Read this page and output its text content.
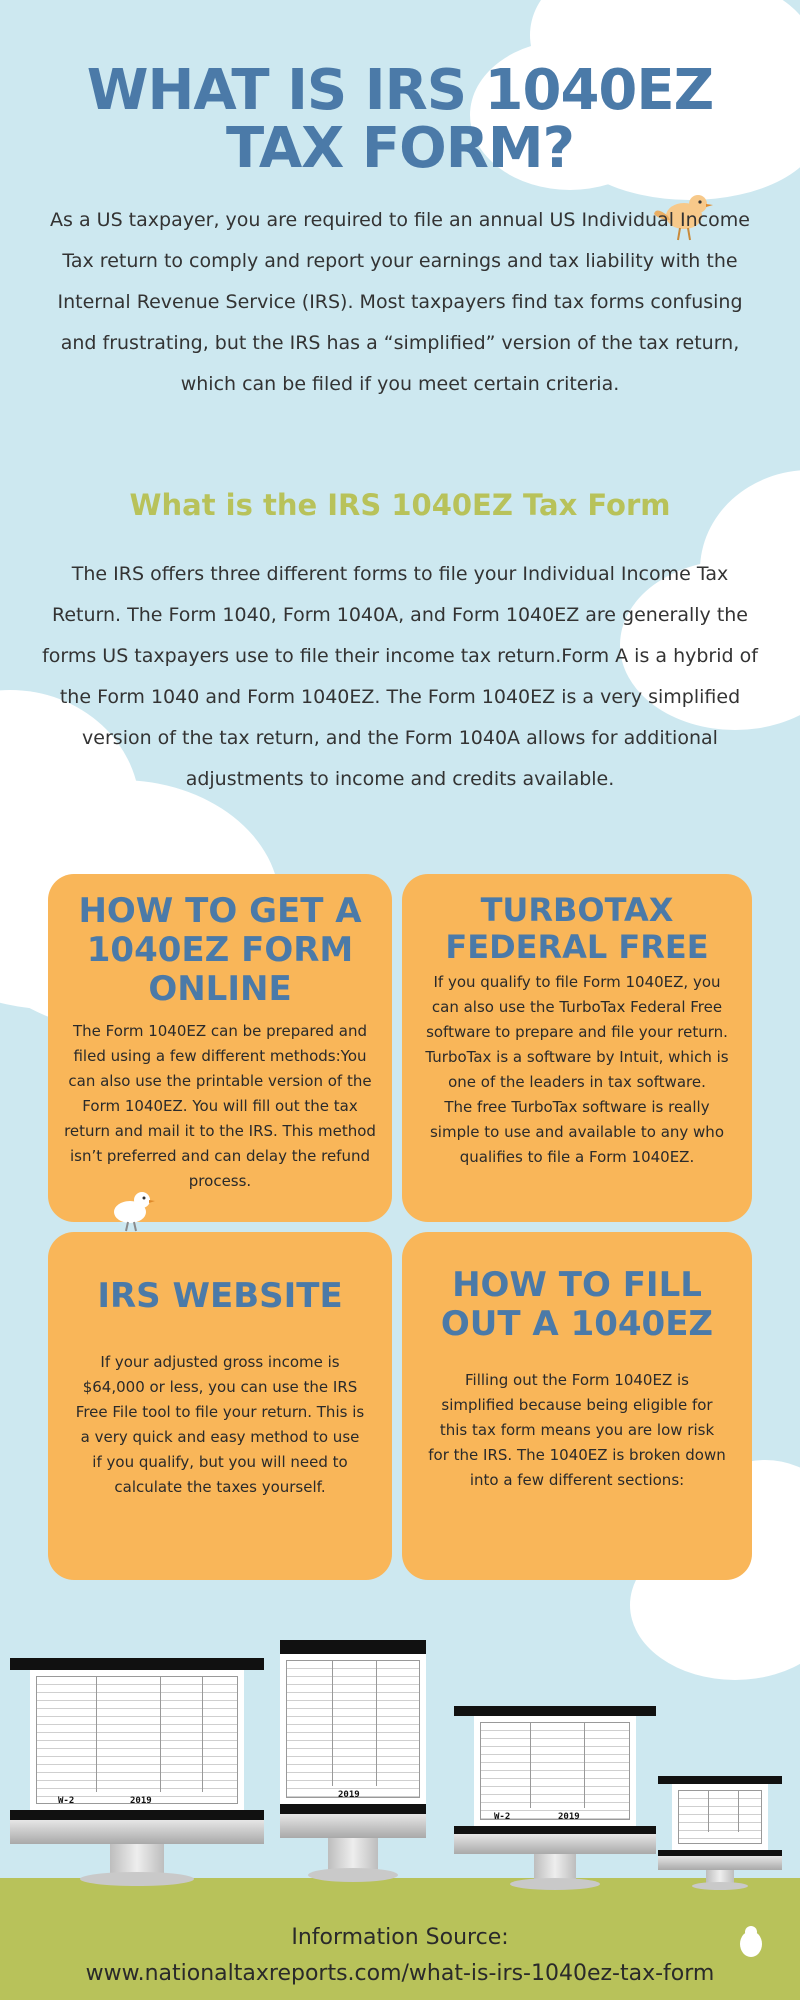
WHAT IS IRS 1040EZ TAX FORM?

As a US taxpayer, you are required to file an annual US Individual Income Tax return to comply and report your earnings and tax liability with the Internal Revenue Service (IRS). Most taxpayers find tax forms confusing and frustrating, but the IRS has a “simplified” version of the tax return, which can be filed if you meet certain criteria.

What is the IRS 1040EZ Tax Form

The IRS offers three different forms to file your Individual Income Tax Return. The Form 1040, Form 1040A, and Form 1040EZ are generally the forms US taxpayers use to file their income tax return.Form A is a hybrid of the Form 1040 and Form 1040EZ. The Form 1040EZ is a very simplified version of the tax return, and the Form 1040A allows for additional adjustments to income and credits available.

HOW TO GET A 1040EZ FORM ONLINE

The Form 1040EZ can be prepared and filed using a few different methods:You can also use the printable version of the Form 1040EZ. You will fill out the tax return and mail it to the IRS. This method isn’t preferred and can delay the refund process.

TURBOTAX FEDERAL FREE

If you qualify to file Form 1040EZ, you can also use the TurboTax Federal Free software to prepare and file your return. TurboTax is a software by Intuit, which is one of the leaders in tax software.

The free TurboTax software is really simple to use and available to any who qualifies to file a Form 1040EZ.

IRS WEBSITE

If your adjusted gross income is $64,000 or less, you can use the IRS Free File tool to file your return. This is a very quick and easy method to use if you qualify, but you will need to calculate the taxes yourself.

HOW TO FILL OUT A 1040EZ

Filling out the Form 1040EZ is simplified because being eligible for this tax form means you are low risk for the IRS. The 1040EZ is broken down into a few different sections:

W-2	2019
2019
W-2	2019

Information Source:
www.nationaltaxreports.com/what-is-irs-1040ez-tax-form
